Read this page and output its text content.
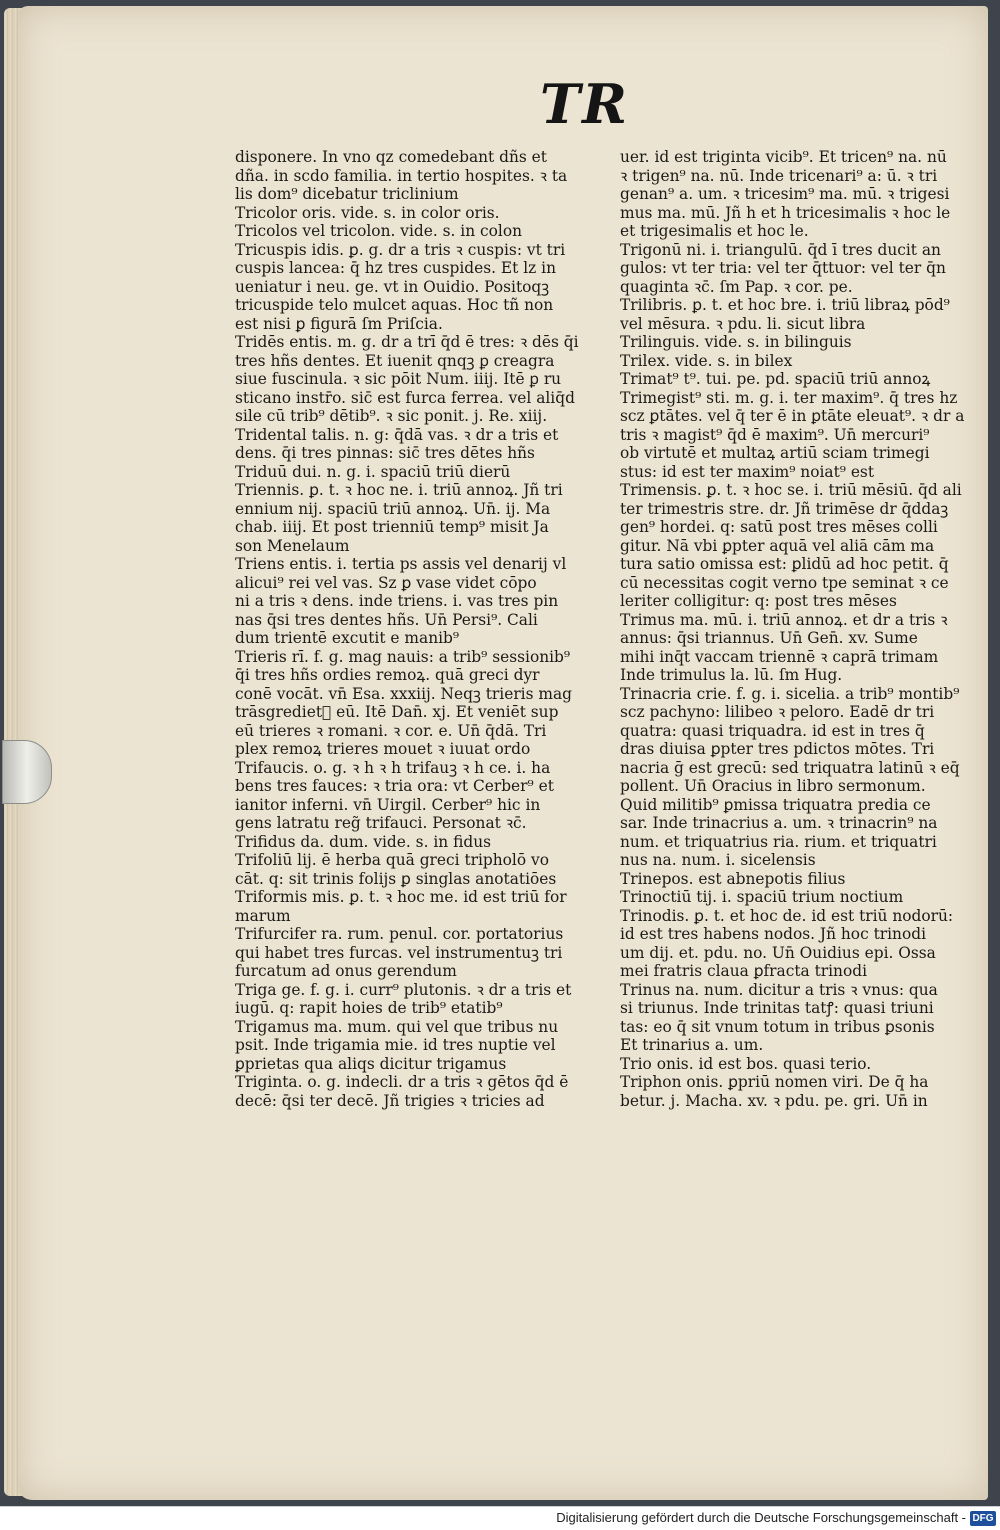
TR
disponere. In vno qz comedebant dñs et
dña. in scdo familia. in tertio hospites. ꝛ ta
lis dom⁹ dicebatur triclinium
Tricolor oris. vide. s. in color oris.
Tricolos vel tricolon. vide. s. in colon
Tricuspis idis. ꝑ. g. dr a tris ꝛ cuspis: vt tri
cuspis lancea: q̄ hz tres cuspides. Et lz in
ueniatur i neu. ge. vt in Ouidio. Positoqꝫ
tricuspide telo mulcet aquas. Hoc tñ non
est nisi ꝑ figurā ſm Priſcia.
Tridēs entis. m. g. dr a trī q̄d ē tres: ꝛ dēs q̄i
tres hñs dentes. Et iuenit̄ qnqꝫ ꝑ creagra
siue fuscinula. ꝛ sic pōit̄ Num. iiij. Itē ꝑ ru
sticano instr̄o. sic̄ est furca ferrea. vel aliq̄d
sile cū trib⁹ dētib⁹. ꝛ sic ponit̄. j. Re. xiij.
Tridental talis. n. g: q̄dā vas. ꝛ dr a tris et
dens. q̄i tres pinnas: sic̄ tres dētes hñs
Triduū dui. n. g. i. spaciū triū dierū
Triennis. ꝑ. t. ꝛ hoc ne. i. triū annoꝝ. Jñ tri
ennium nij. spaciū triū annoꝝ. Un̄. ij. Ma
chab. iiij. Et post trienniū temp⁹ misit Ja
son Menelaum
Triens entis. i. tertia ps assis vel denarij vl̄
alicui⁹ rei vel vas. Sz ꝑ vase videt̄ cōpo
ni a tris ꝛ dens. inde triens. i. vas tres pin
nas q̄si tres dentes hñs. Un̄ Persi⁹. Cali
dum trientē excutit e manib⁹
Trieris rī. f. g. mag nauis: a trib⁹ sessionib⁹
q̄i tres hñs ordies remoꝝ. quā greci dyr
conē vocāt. vn̄ Esa. xxxiij. Neqꝫ trieris mag
trāsgredietᷣ eū. Itē Dan̄. xj. Et veniēt sup
eū trieres ꝛ romani. ꝛ cor. e. Un̄ q̄dā. Tri
plex remoꝝ trieres mouet ꝛ iuuat ordo
Trifaucis. o. g. ꝛ h ꝛ h trifauꝫ ꝛ h ce. i. ha
bens tres fauces: ꝛ tria ora: vt Cerber⁹ et
ianitor inferni. vn̄ Uirgil. Cerber⁹ hic in
gens latratu reg̃ trifauci. Personat ꝛc̄.
Trifidus da. dum. vide. s. in fidus
Trifoliū lij. ē herba quā greci tripholō vo
cāt. q: sit trinis folijs ꝑ singlas anotatiōes
Triformis mis. ꝑ. t. ꝛ hoc me. id est triū for
marum
Trifurcifer ra. rum. penul. cor. portatorius
qui habet tres furcas. vel instrumentuꝫ tri
furcatum ad onus gerendum
Triga ge. f. g. i. curr⁹ plutonis. ꝛ dr a tris et
iugū. q: rapit hoies de trib⁹ etatib⁹
Trigamus ma. mum. qui vel que tribus nu
psit. Inde trigamia mie. id tres nuptie vel
ꝑprietas qua aliqs dicitur trigamus
Triginta. o. g. indecli. dr a tris ꝛ gētos q̄d ē
decē: q̄si ter decē. Jñ trigies ꝛ tricies ad
uer. id est triginta vicib⁹. Et tricen⁹ na. nū
ꝛ trigen⁹ na. nū. Inde tricenari⁹ a: ū. ꝛ tri
genan⁹ a. um. ꝛ tricesim⁹ ma. mū. ꝛ trigesi
mus ma. mū. Jñ h̄ et h̄ tricesimalis ꝛ hoc le
et trigesimalis et hoc le.
Trigonū ni. i. triangulū. q̄d ī tres ducit̄ an
gulos: vt ter tria: vel ter q̄ttuor: vel ter q̄n
quaginta ꝛc̄. ſm Pap. ꝛ cor. pe.
Trilibris. ꝑ. t. et hoc bre. i. triū libraꝝ pōd⁹
vel mēsura. ꝛ pdu. li. sicut libra
Trilinguis. vide. s. in bilinguis
Trilex. vide. s. in bilex
Trimat⁹ t⁹. tui. pe. pd. spaciū triū annoꝝ
Trimegist⁹ sti. m. g. i. ter maxim⁹. q̄ tres hz
scz ꝑtātes. vel q̄ ter ē in ꝑtāte eleuat⁹. ꝛ dr a
tris ꝛ magist⁹ q̄d ē maxim⁹. Un̄ mercuri⁹
ob virtutē et multaꝝ artiū sciam trimegi
stus: id est ter maxim⁹ noiat⁹ est
Trimensis. ꝑ. t. ꝛ hoc se. i. triū mēsiū. q̄d ali
ter trimestris stre. dr. Jñ trimēse dr q̄ddaꝫ
gen⁹ hordei. q: satū post tres mēses colli
gitur. Nā vbi ꝑpter aquā vel aliā cām ma
tura satio omissa est: ꝑlidū ad hoc petit̄. q̄
cū necessitas cogit verno tpe seminat̄ ꝛ ce
leriter colligitur: q: post tres mēses
Trimus ma. mū. i. triū annoꝝ. et dr a tris ꝛ
annus: q̄si triannus. Un̄ Gen̄. xv. Sume
mihi inq̄t vaccam triennē ꝛ caprā trimam
Inde trimulus la. lū. ſm Hug.
Trinacria crie. f. g. i. sicelia. a trib⁹ montib⁹
scz pachyno: lilibeo ꝛ peloro. Eadē dr tri
quatra: quasi triquadra. id est in tres q̄
dras diuisa ꝑpter tres pdictos mōtes. Tri
nacria ḡ est grecū: sed triquatra latinū ꝛ eq̄
pollent. Un̄ Oracius in libro sermonum.
Quid militib⁹ ꝑmissa triquatra predia ce
sar. Inde trinacrius a. um. ꝛ trinacrin⁹ na
num. et triquatrius ria. rium. et triquatri
nus na. num. i. sicelensis
Trinepos. est abnepotis filius
Trinoctiū tij. i. spaciū trium noctium
Trinodis. ꝑ. t. et hoc de. id est triū nodorū:
id est tres habens nodos. Jñ hoc trinodi
um dij. et. pdu. no. Un̄ Ouidius epi. Ossa
mei fratris claua ꝑfracta trinodi
Trinus na. num. dicitur a tris ꝛ vnus: qua
si triunus. Inde trinitas tatꝭ: quasi triuni
tas: eo q̄ sit vnum totum in tribus ꝑsonis
Et trinarius a. um.
Trio onis. id est bos. quasi terio.
Triphon onis. ꝑpriū nomen viri. De q̄ ha
betur. j. Macha. xv. ꝛ pdu. pe. gri. Un̄ in
Digitalisierung gefördert durch die Deutsche Forschungsgemeinschaft - DFG
